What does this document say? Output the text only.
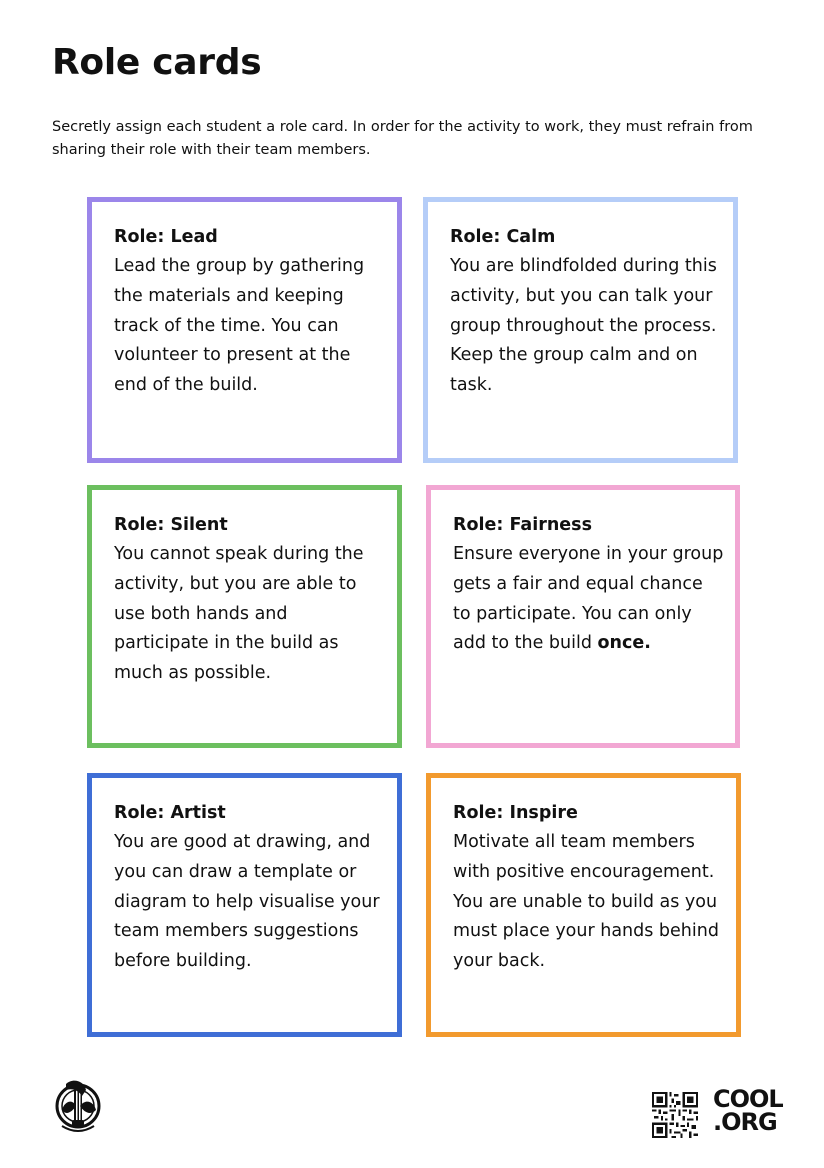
Role cards

Secretly assign each student a role card. In order for the activity to work, they must refrain from sharing their role with their team members.

Role: Lead
Lead the group by gathering the materials and keeping track of the time. You can volunteer to present at the end of the build.
Role: Calm
You are blindfolded during this activity, but you can talk your group throughout the process. Keep the group calm and on task.
Role: Silent
You cannot speak during the activity, but you are able to use both hands and participate in the build as much as possible.
Role: Fairness
Ensure everyone in your group gets a fair and equal chance to participate. You can only add to the build once.
Role: Artist
You are good at drawing, and you can draw a template or diagram to help visualise your team members suggestions before building.
Role: Inspire
Motivate all team members with positive encouragement. You are unable to build as you must place your hands behind your back.
COOL
.ORG
